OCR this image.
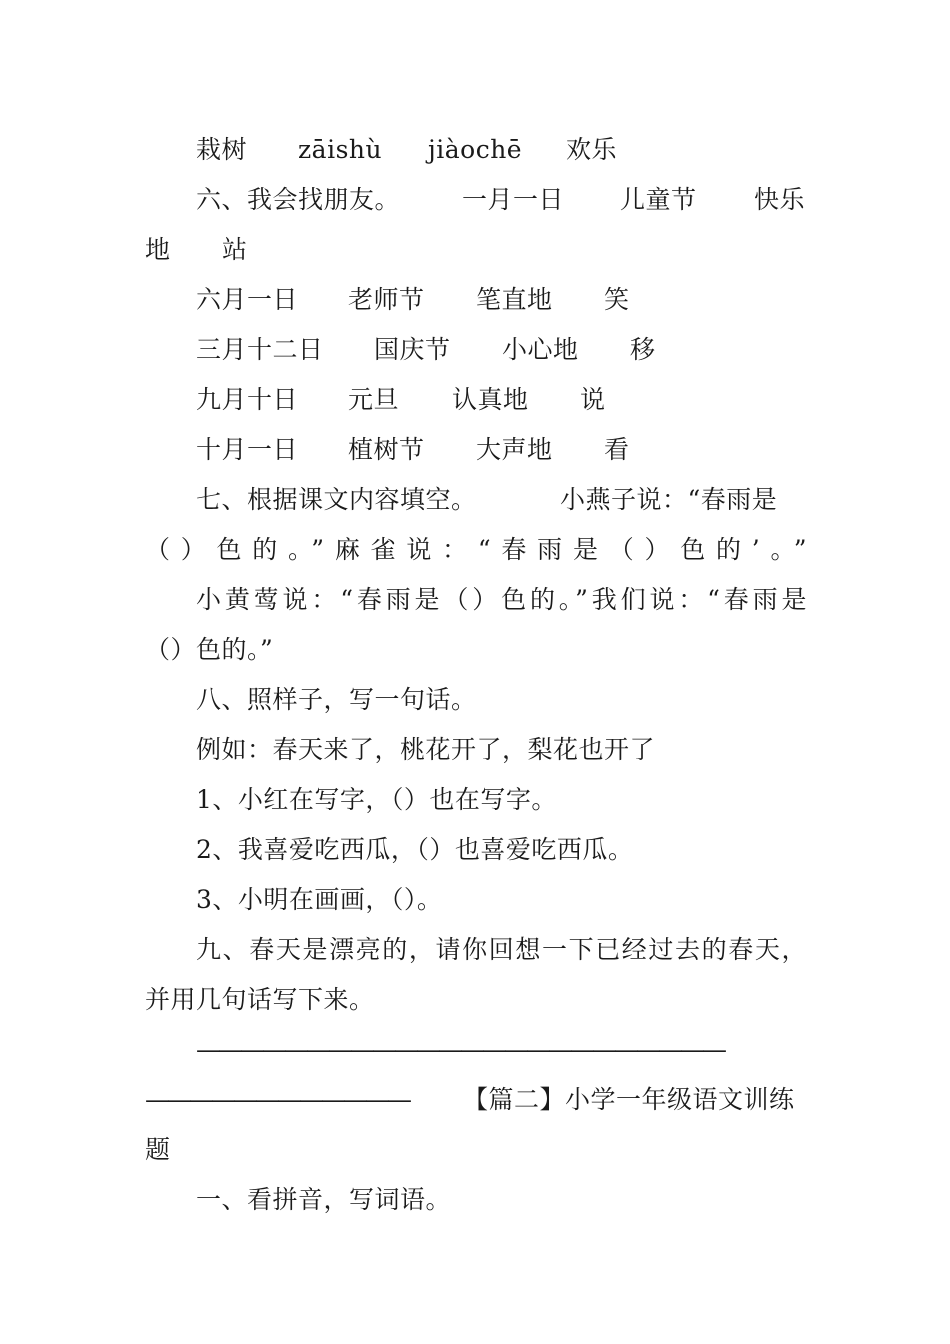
栽树 zāishù jiàochē 欢乐
六、我会找朋友。 一月一日 儿童节 快乐
地 站
六月一日 老师节 笔直地 笑
三月十二日 国庆节 小心地 移
九月十日 元旦 认真地 说
十月一日 植树节 大声地 看
七、根据课文内容填空。	小燕子说：“春雨是
（）色的。”麻雀说：“春雨是（）色的’。”
小黄莺说：“春雨是（）色的。”我们说：“春雨是
（）色的。”
八、照样子，写一句话。
例如：春天来了，桃花开了，梨花也开了
1、小红在写字，（）也在写字。
2、我喜爱吃西瓜，（）也喜爱吃西瓜。
3、小明在画画，（）。
九、春天是漂亮的，请你回想一下已经过去的春天，
并用几句话写下来。
————————————————————————
————————————	【篇二】小学一年级语文训练
题
一、看拼音，写词语。
